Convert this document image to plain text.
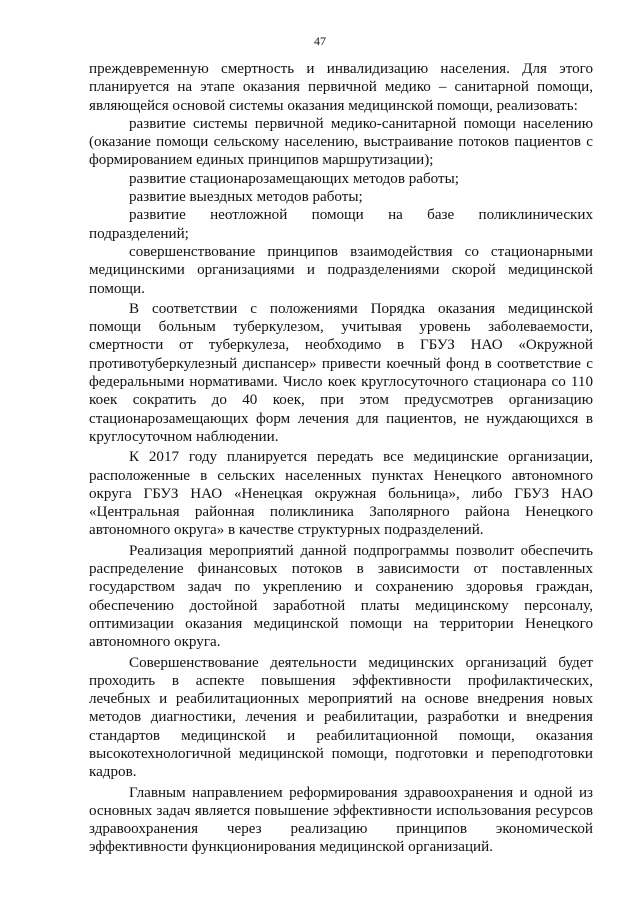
47

преждевременную смертность и инвалидизацию населения. Для этого планируется на этапе оказания первичной медико – санитарной помощи, являющейся основой системы оказания медицинской помощи, реализовать:

развитие системы первичной медико-санитарной помощи населению (оказание помощи сельскому населению, выстраивание потоков пациентов с формированием единых принципов маршрутизации);

развитие стационарозамещающих методов работы;

развитие выездных методов работы;

развитие неотложной помощи на базе поликлинических подразделений;

совершенствование принципов взаимодействия со стационарными медицинскими организациями и подразделениями скорой медицинской помощи.

В соответствии с положениями Порядка оказания медицинской помощи больным туберкулезом, учитывая уровень заболеваемости, смертности от туберкулеза, необходимо в ГБУЗ НАО «Окружной противотуберкулезный диспансер» привести коечный фонд в соответствие с федеральными нормативами. Число коек круглосуточного стационара со 110 коек сократить до 40 коек, при этом предусмотрев организацию стационарозамещающих форм лечения для пациентов, не нуждающихся в круглосуточном наблюдении.

К 2017 году планируется передать все медицинские организации, расположенные в сельских населенных пунктах Ненецкого автономного округа ГБУЗ НАО «Ненецкая окружная больница», либо ГБУЗ НАО «Центральная районная поликлиника Заполярного района Ненецкого автономного округа» в качестве структурных подразделений.

Реализация мероприятий данной подпрограммы позволит обеспечить распределение финансовых потоков в зависимости от поставленных государством задач по укреплению и сохранению здоровья граждан, обеспечению достойной заработной платы медицинскому персоналу, оптимизации оказания медицинской помощи на территории Ненецкого автономного округа.

Совершенствование деятельности медицинских организаций будет проходить в аспекте повышения эффективности профилактических, лечебных и реабилитационных мероприятий на основе внедрения новых методов диагностики, лечения и реабилитации, разработки и внедрения стандартов медицинской и реабилитационной помощи, оказания высокотехнологичной медицинской помощи, подготовки и переподготовки кадров.

Главным направлением реформирования здравоохранения и одной из основных задач является повышение эффективности использования ресурсов здравоохранения через реализацию принципов экономической эффективности функционирования медицинской организаций.
